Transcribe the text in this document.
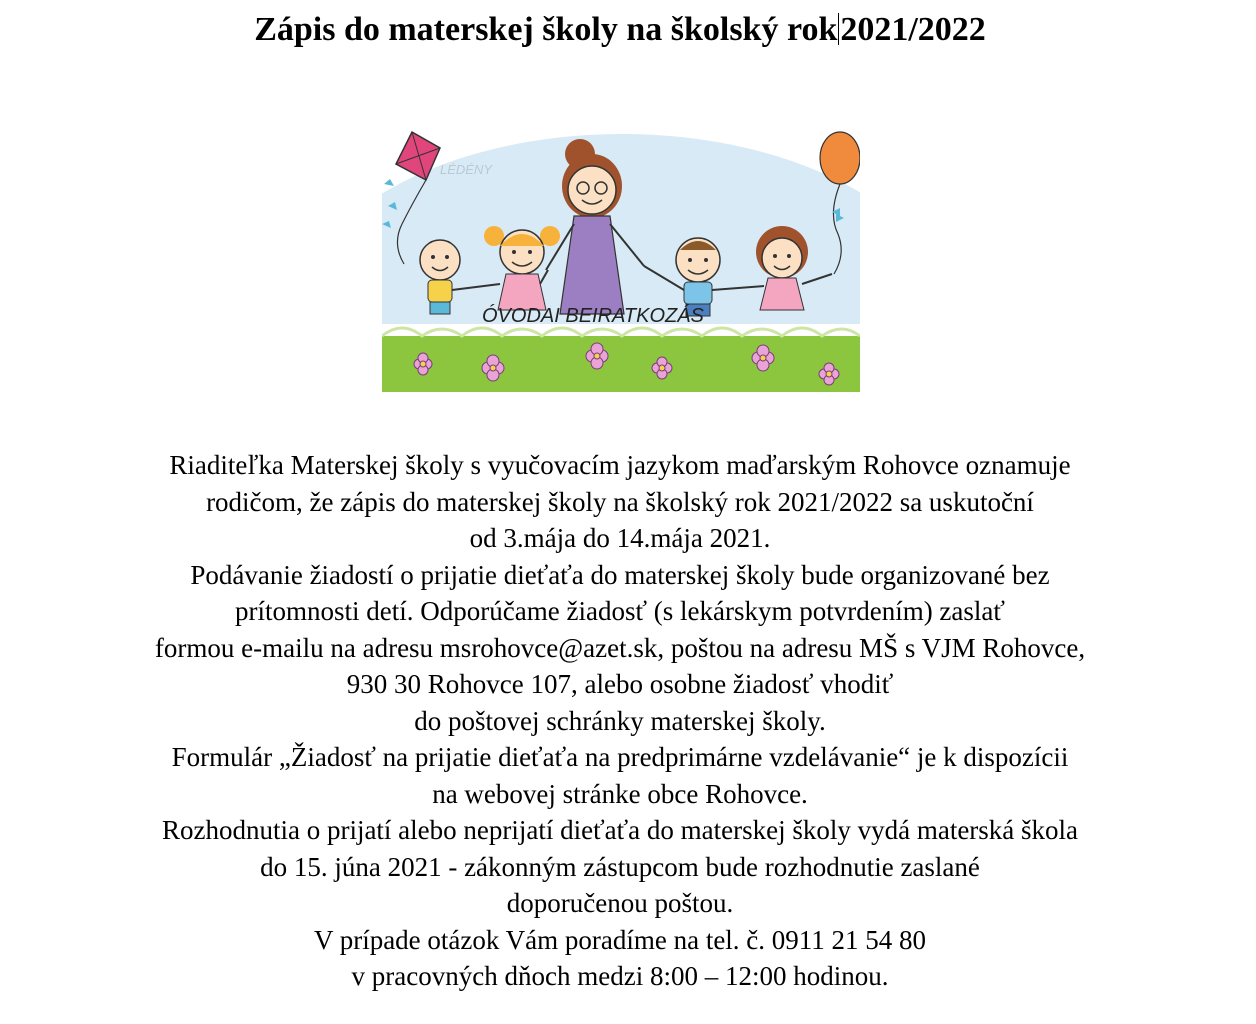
Zápis do materskej školy na školský rok2021/2022
LÉDÉNY
ÓVODAI BEIRATKOZÁS
Riaditeľka Materskej školy s vyučovacím jazykom maďarským Rohovce oznamuje
rodičom, že zápis do materskej školy na školský rok 2021/2022 sa uskutoční
od 3.mája do 14.mája 2021.
Podávanie žiadostí o prijatie dieťaťa do materskej školy bude organizované bez
prítomnosti detí. Odporúčame žiadosť (s lekárskym potvrdením) zaslať
formou e-mailu na adresu msrohovce@azet.sk, poštou na adresu MŠ s VJM Rohovce,
930 30 Rohovce 107, alebo osobne žiadosť vhodiť
do poštovej schránky materskej školy.
Formulár „Žiadosť na prijatie dieťaťa na predprimárne vzdelávanie“ je k dispozícii
na webovej stránke obce Rohovce.
Rozhodnutia o prijatí alebo neprijatí dieťaťa do materskej školy vydá materská škola
do 15. júna 2021 - zákonným zástupcom bude rozhodnutie zaslané
doporučenou poštou.
V prípade otázok Vám poradíme na tel. č. 0911 21 54 80
v pracovných dňoch medzi 8:00 – 12:00 hodinou.
